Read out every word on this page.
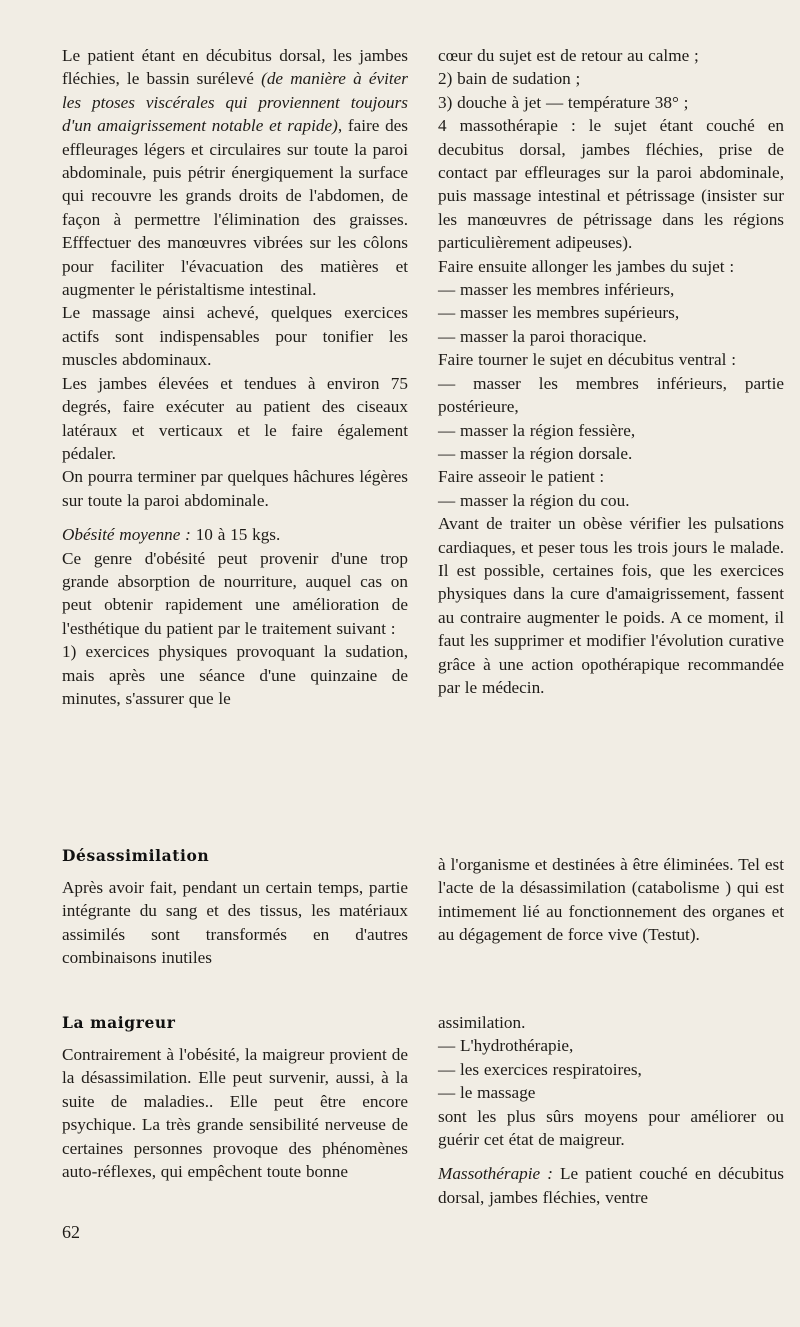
Le patient étant en décubitus dorsal, les jambes fléchies, le bassin surélevé (de manière à éviter les ptoses viscérales qui proviennent toujours d'un amaigrissement notable et rapide), faire des effleurages légers et circulaires sur toute la paroi abdominale, puis pétrir énergiquement la surface qui recouvre les grands droits de l'abdomen, de façon à permettre l'élimination des graisses. Efffectuer des manœuvres vibrées sur les côlons pour faciliter l'évacuation des matières et augmenter le péristaltisme intestinal.

Le massage ainsi achevé, quelques exercices actifs sont indispensables pour tonifier les muscles abdominaux.

Les jambes élevées et tendues à environ 75 degrés, faire exécuter au patient des ciseaux latéraux et verticaux et le faire également pédaler.

On pourra terminer par quelques hâchures légères sur toute la paroi abdominale.

Obésité moyenne : 10 à 15 kgs.

Ce genre d'obésité peut provenir d'une trop grande absorption de nourriture, auquel cas on peut obtenir rapidement une amélioration de l'esthétique du patient par le traitement suivant :

1) exercices physiques provoquant la sudation, mais après une séance d'une quinzaine de minutes, s'assurer que le

cœur du sujet est de retour au calme ;

2) bain de sudation ;

3) douche à jet — température 38° ;

4 massothérapie : le sujet étant couché en decubitus dorsal, jambes fléchies, prise de contact par effleurages sur la paroi abdominale, puis massage intestinal et pétrissage (insister sur les manœuvres de pétrissage dans les régions particulièrement adipeuses).

Faire ensuite allonger les jambes du sujet :

— masser les membres inférieurs,

— masser les membres supérieurs,

— masser la paroi thoracique.

Faire tourner le sujet en décubitus ventral :

— masser les membres inférieurs, partie postérieure,

— masser la région fessière,

— masser la région dorsale.

Faire asseoir le patient :

— masser la région du cou.

Avant de traiter un obèse vérifier les pulsations cardiaques, et peser tous les trois jours le malade. Il est possible, certaines fois, que les exercices physiques dans la cure d'amaigrissement, fassent au contraire augmenter le poids. A ce moment, il faut les supprimer et modifier l'évolution curative grâce à une action opothérapique recommandée par le médecin.

Désassimilation

Après avoir fait, pendant un certain temps, partie intégrante du sang et des tissus, les matériaux assimilés sont transformés en d'autres combinaisons inutiles

à l'organisme et destinées à être éliminées. Tel est l'acte de la désassimilation (catabolisme ) qui est intimement lié au fonctionnement des organes et au dégagement de force vive (Testut).

La maigreur

Contrairement à l'obésité, la maigreur provient de la désassimilation. Elle peut survenir, aussi, à la suite de maladies.. Elle peut être encore psychique. La très grande sensibilité nerveuse de certaines personnes provoque des phénomènes auto-réflexes, qui empêchent toute bonne

assimilation.

— L'hydrothérapie,

— les exercices respiratoires,

— le massage

sont les plus sûrs moyens pour améliorer ou guérir cet état de maigreur.

Massothérapie : Le patient couché en décubitus dorsal, jambes fléchies, ventre

62
